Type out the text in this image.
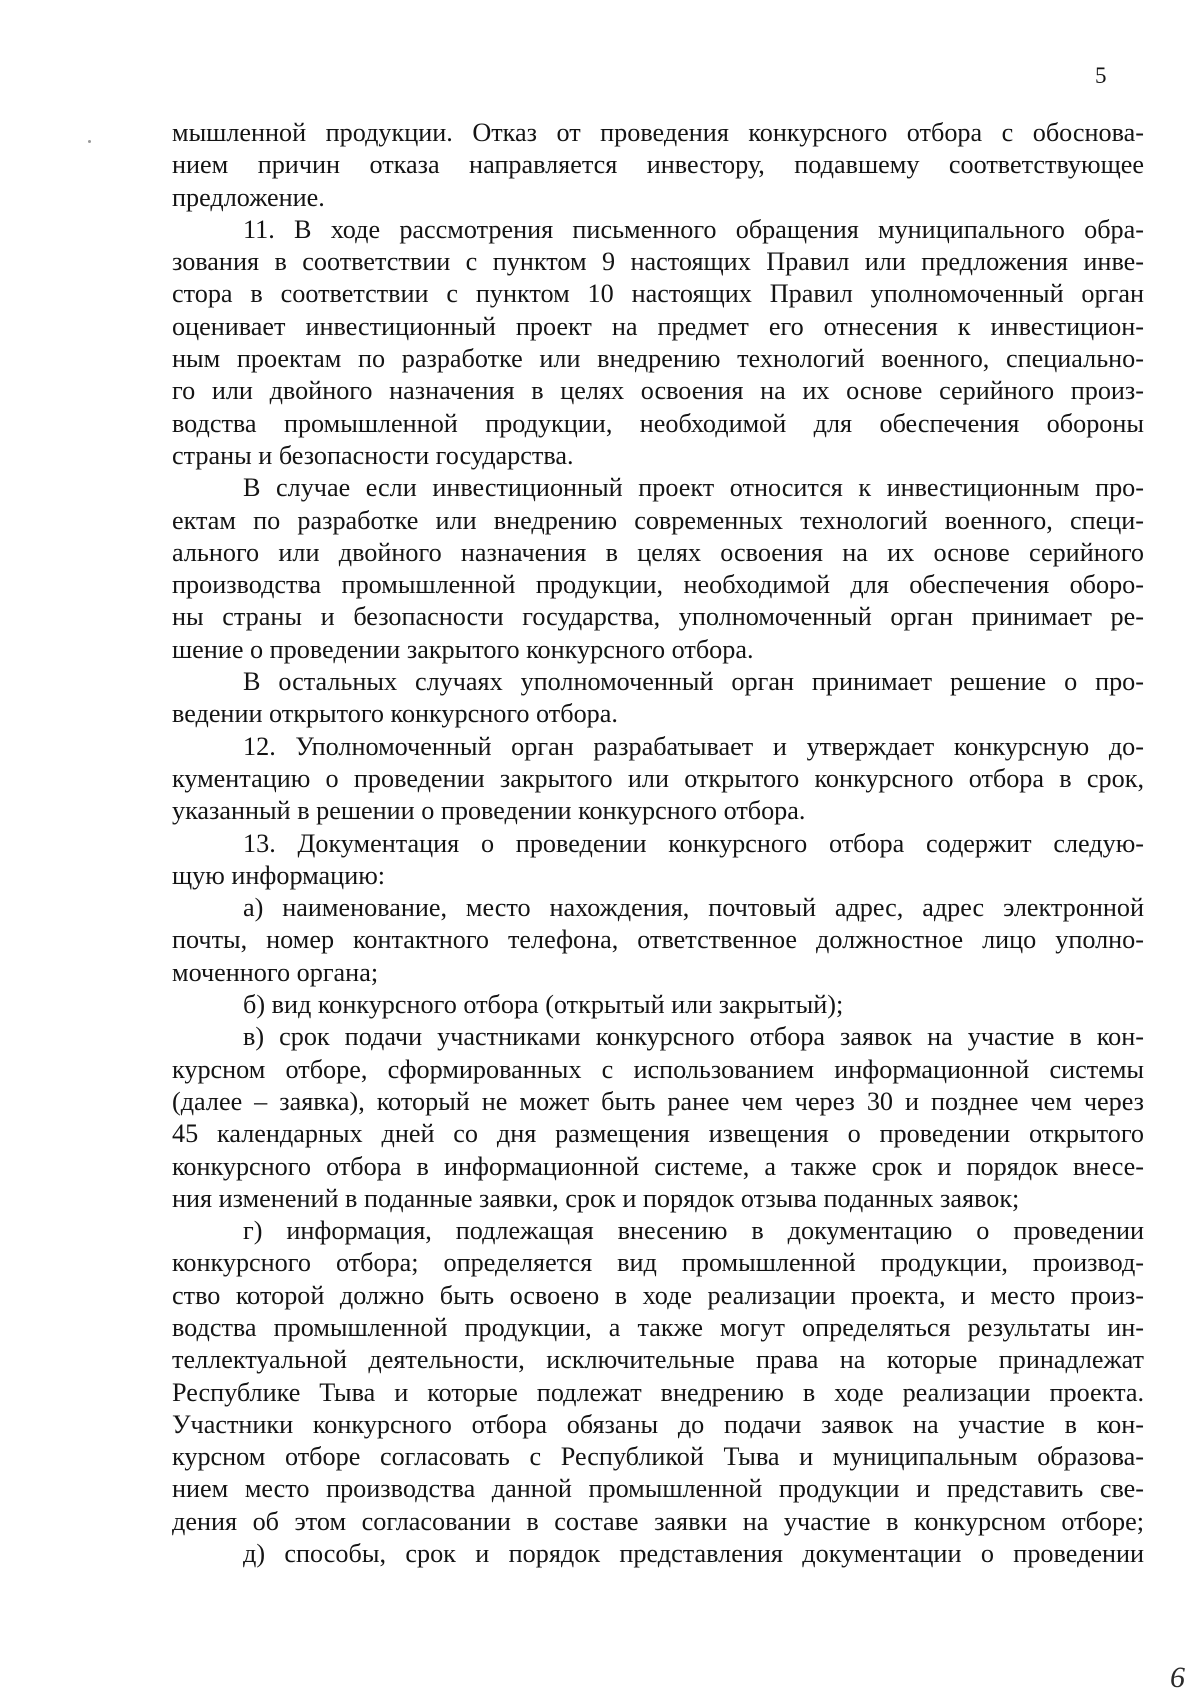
5
мышленной продукции. Отказ от проведения конкурсного отбора с обоснова-
нием причин отказа направляется инвестору, подавшему соответствующее
предложение.
11. В ходе рассмотрения письменного обращения муниципального обра-
зования в соответствии с пунктом 9 настоящих Правил или предложения инве-
стора в соответствии с пунктом 10 настоящих Правил уполномоченный орган
оценивает инвестиционный проект на предмет его отнесения к инвестицион-
ным проектам по разработке или внедрению технологий военного, специально-
го или двойного назначения в целях освоения на их основе серийного произ-
водства промышленной продукции, необходимой для обеспечения обороны
страны и безопасности государства.
В случае если инвестиционный проект относится к инвестиционным про-
ектам по разработке или внедрению современных технологий военного, специ-
ального или двойного назначения в целях освоения на их основе серийного
производства промышленной продукции, необходимой для обеспечения оборо-
ны страны и безопасности государства, уполномоченный орган принимает ре-
шение о проведении закрытого конкурсного отбора.
В остальных случаях уполномоченный орган принимает решение о про-
ведении открытого конкурсного отбора.
12. Уполномоченный орган разрабатывает и утверждает конкурсную до-
кументацию о проведении закрытого или открытого конкурсного отбора в срок,
указанный в решении о проведении конкурсного отбора.
13. Документация о проведении конкурсного отбора содержит следую-
щую информацию:
а) наименование, место нахождения, почтовый адрес, адрес электронной
почты, номер контактного телефона, ответственное должностное лицо уполно-
моченного органа;
б) вид конкурсного отбора (открытый или закрытый);
в) срок подачи участниками конкурсного отбора заявок на участие в кон-
курсном отборе, сформированных с использованием информационной системы
(далее – заявка), который не может быть ранее чем через 30 и позднее чем через
45 календарных дней со дня размещения извещения о проведении открытого
конкурсного отбора в информационной системе, а также срок и порядок внесе-
ния изменений в поданные заявки, срок и порядок отзыва поданных заявок;
г) информация, подлежащая внесению в документацию о проведении
конкурсного отбора; определяется вид промышленной продукции, производ-
ство которой должно быть освоено в ходе реализации проекта, и место произ-
водства промышленной продукции, а также могут определяться результаты ин-
теллектуальной деятельности, исключительные права на которые принадлежат
Республике Тыва и которые подлежат внедрению в ходе реализации проекта.
Участники конкурсного отбора обязаны до подачи заявок на участие в кон-
курсном отборе согласовать с Республикой Тыва и муниципальным образова-
нием место производства данной промышленной продукции и представить све-
дения об этом согласовании в составе заявки на участие в конкурсном отборе;
д) способы, срок и порядок представления документации о проведении
6
